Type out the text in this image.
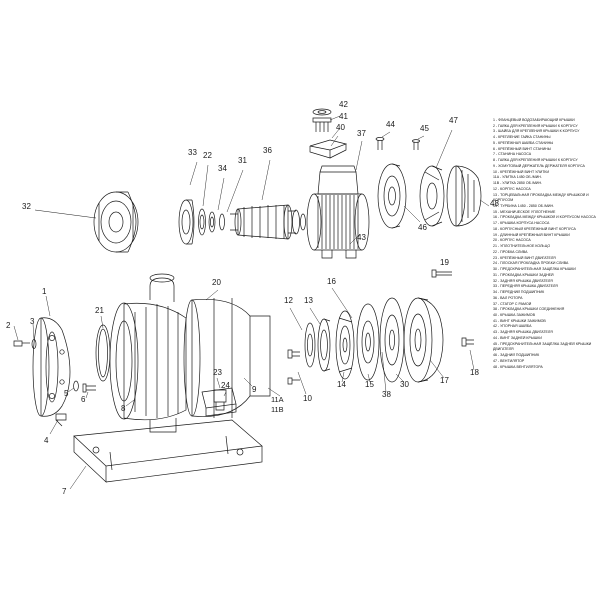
1
2 3
4
5
6
7
8
9
10
11A
11B
12 13
14 15
16
17
18
19
20
21
22
23
24	30
31
32
33
34
36
37
38
40
41
42
43
44	45
46
47
48
1 - ФЛАНЦЕВЫЙ ВОДОЗАБИРАЮЩИЙ КРЫШКИ
2 - ГАЙКА ДЛЯ КРЕПЛЕНИЯ КРЫШКИ К КОРПУСУ
3 - ШАЙБА ДЛЯ КРЕПЛЕНИЯ КРЫШКИ К КОРПУСУ
4 - КРЕПЛЕНИЕ ГАЙКА СТАНИНЫ
5 - КРЕПЁЖНАЯ ШАЙБА СТАНИНЫ
6 - КРЕПЁЖНЫЙ ВИНТ СТАНИНЫ
7 - СТАНИНА НАСОСА
8 - ГАЙКА ДЛЯ КРЕПЛЕНИЯ КРЫШКИ К КОРПУСУ
9 - ХОМУТОВЫЙ ДЕРЖАТЕЛЬ ДЕРЖАТЕЛЯ КОРПУСА
10 - КРЕПЁЖНЫЙ ВИНТ УЛИТКИ
11A - УЛИТКА 1450 ОБ./МИН.
11B - УЛИТКА 2850 ОБ./МИН.
12 - КОРПУС НАСОСА
13 - ТОРЦЕВАЛЬНАЯ ПРОКЛАДКА МЕЖДУ КРЫШКОЙ И КОРПУСОМ
14 - ТУРБИНА 1450 - 2850 ОБ./МИН.
15 - МЕХАНИЧЕСКОЕ УПЛОТНЕНИЕ
16 - ПРОКЛАДКА МЕЖДУ КРЫШКОЙ И КОРПУСОМ НАСОСА
17 - КРЫШКА КОРПУСА НАСОСА
18 - КОРПУСНЫЙ КРЕПЁЖНЫЙ ВИНТ КОРПУСА
19 - ДЛИННЫЙ КРЕПЁЖНЫЙ ВИНТ КРЫШКИ
20 - КОРПУС НАСОСА
21 - УПЛОТНИТЕЛЬНОЕ КОЛЬЦО
22 - ПРОБКА СЛИВА
23 - КРЕПЁЖНЫЙ ВИНТ ДВИГАТЕЛЯ
24 - ПЛОСКАЯ ПРОКЛАДКА ПРОБКИ СЛИВА
30 - ПРЕДОХРАНИТЕЛЬНАЯ ЗАЩЁЛКА КРЫШКИ
31 - ПРОКЛАДКА КРЫШКИ ЗАДНЕЙ
32 - ЗАДНЯЯ КРЫШКА ДВИГАТЕЛЯ
33 - ПЕРЕДНЯЯ КРЫШКА ДВИГАТЕЛЯ
34 - ПЕРЕДНИЙ ПОДШИПНИК
36 - ВАЛ РОТОРА
37 - СТАТОР С РАМОЙ
38 - ПРОКЛАДКА КРЫШКИ СОЕДИНЕНИЯ
40 - КРЫШКА ЗАЖИМОВ
41 - ВИНТ КРЫШКИ ЗАЖИМОВ
42 - УПОРНАЯ ШАЙБА
43 - ЗАДНЯЯ КРЫШКА ДВИГАТЕЛЯ
44 - ВИНТ ЗАДНЕЙ КРЫШКИ
45 - ПРЕДОХРАНИТЕЛЬНАЯ ЗАЩЁЛКА ЗАДНЕЙ КРЫШКИ ДВИГАТЕЛЯ
46 - ЗАДНИЙ ПОДШИПНИК
47 - ВЕНТИЛЯТОР
48 - КРЫШКА ВЕНТИЛЯТОРА
